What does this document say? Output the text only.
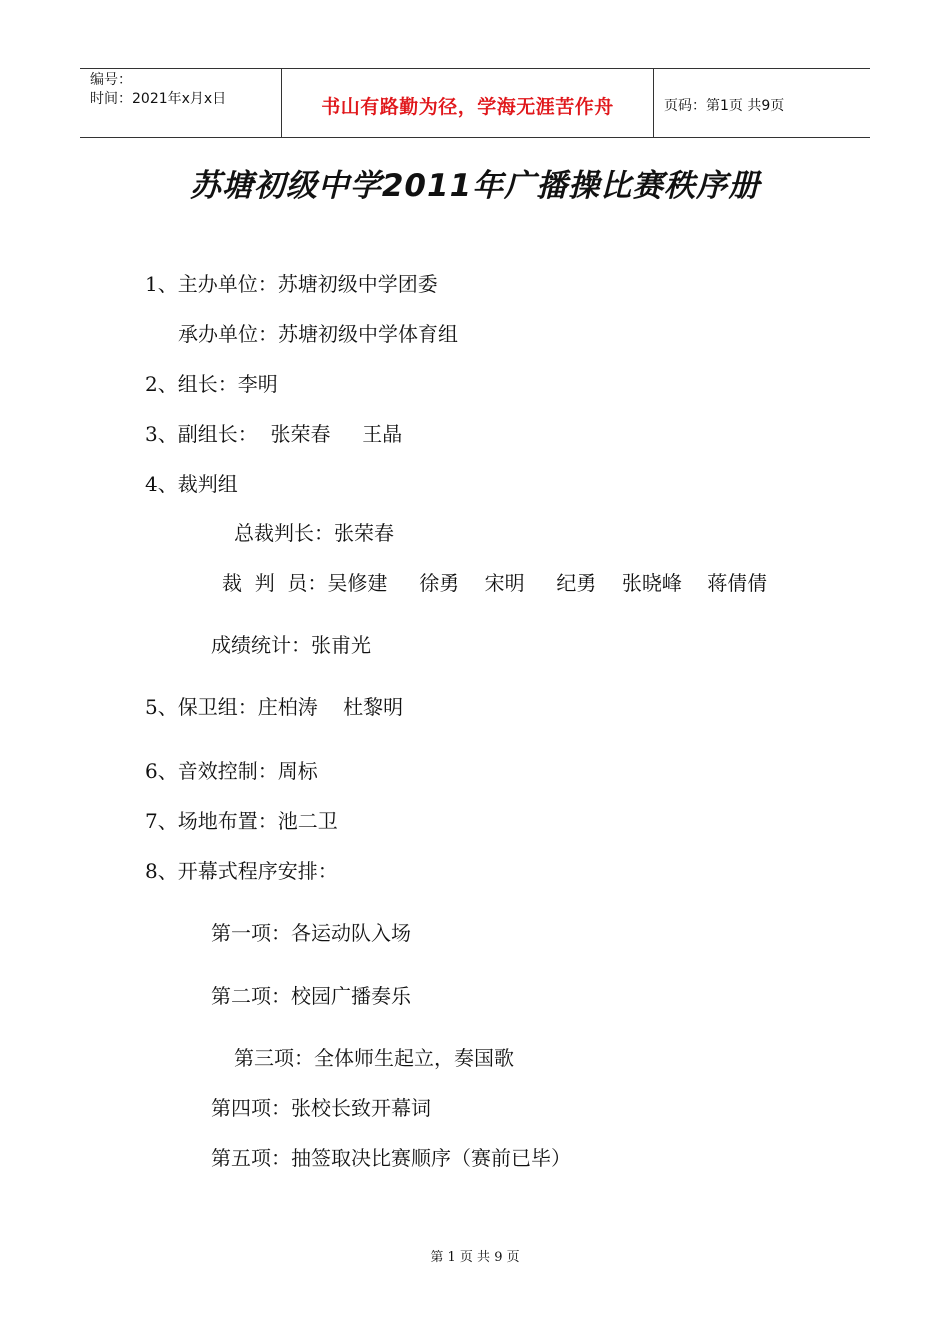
编号：
时间：2021年x月x日	书山有路勤为径，学海无涯苦作舟	页码：第1页 共9页
苏塘初级中学2011年广播操比赛秩序册
1、主办单位：苏塘初级中学团委
承办单位：苏塘初级中学体育组
2、组长：李明
3、副组长：  张荣春     王晶
4、裁判组
总裁判长：张荣春
裁  判  员：吴修建     徐勇    宋明     纪勇    张晓峰    蒋倩倩
成绩统计：张甫光
5、保卫组：庄柏涛    杜黎明
6、音效控制：周标
7、场地布置：池二卫
8、开幕式程序安排：
第一项：各运动队入场
第二项：校园广播奏乐
第三项：全体师生起立，奏国歌
第四项：张校长致开幕词
第五项：抽签取决比赛顺序（赛前已毕）
第 1 页 共 9 页
